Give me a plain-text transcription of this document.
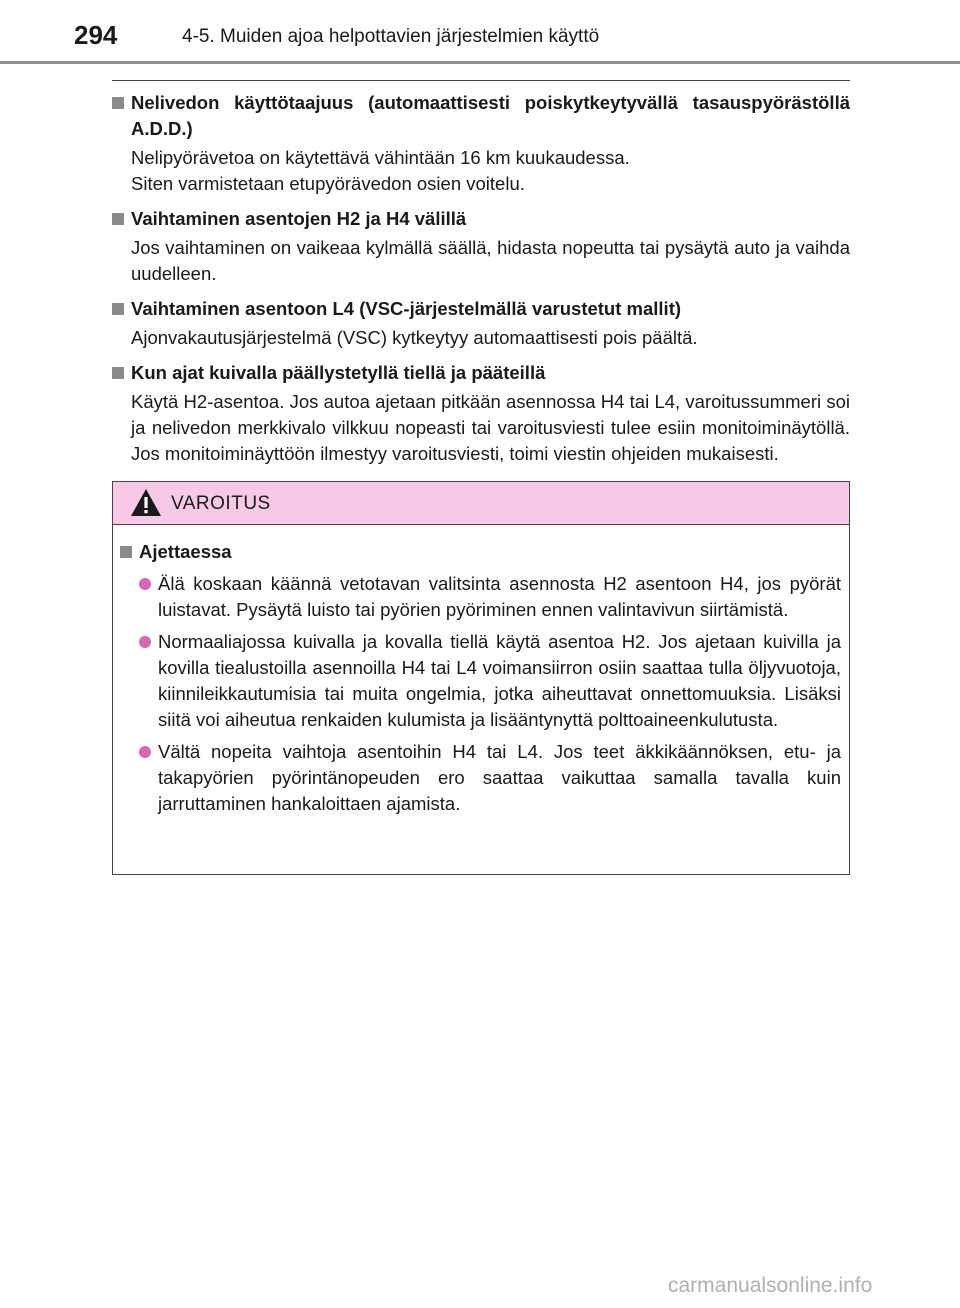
294	4-5. Muiden ajoa helpottavien järjestelmien käyttö
Nelivedon käyttötaajuus (automaattisesti poiskytkeytyvällä tasauspyörästöllä A.D.D.)

Nelipyörävetoa on käytettävä vähintään 16 km kuukaudessa.

Siten varmistetaan etupyörävedon osien voitelu.

Vaihtaminen asentojen H2 ja H4 välillä

Jos vaihtaminen on vaikeaa kylmällä säällä, hidasta nopeutta tai pysäytä auto ja vaihda uudelleen.

Vaihtaminen asentoon L4 (VSC-järjestelmällä varustetut mallit)

Ajonvakautusjärjestelmä (VSC) kytkeytyy automaattisesti pois päältä.

Kun ajat kuivalla päällystetyllä tiellä ja pääteillä

Käytä H2-asentoa. Jos autoa ajetaan pitkään asennossa H4 tai L4, varoitussummeri soi ja nelivedon merkkivalo vilkkuu nopeasti tai varoitusviesti tulee esiin monitoiminäytöllä. Jos monitoiminäyttöön ilmestyy varoitusviesti, toimi viestin ohjeiden mukaisesti.

VAROITUS
Ajettaessa
Älä koskaan käännä vetotavan valitsinta asennosta H2 asentoon H4, jos pyörät luistavat. Pysäytä luisto tai pyörien pyöriminen ennen valintavivun siirtämistä.
Normaaliajossa kuivalla ja kovalla tiellä käytä asentoa H2. Jos ajetaan kuivilla ja kovilla tiealustoilla asennoilla H4 tai L4 voimansiirron osiin saattaa tulla öljyvuotoja, kiinnileikkautumisia tai muita ongelmia, jotka aiheuttavat onnettomuuksia. Lisäksi siitä voi aiheutua renkaiden kulumista ja lisääntynyttä polttoaineenkulutusta.
Vältä nopeita vaihtoja asentoihin H4 tai L4. Jos teet äkkikäännöksen, etu- ja takapyörien pyörintänopeuden ero saattaa vaikuttaa samalla tavalla kuin jarruttaminen hankaloittaen ajamista.
carmanualsonline.info
